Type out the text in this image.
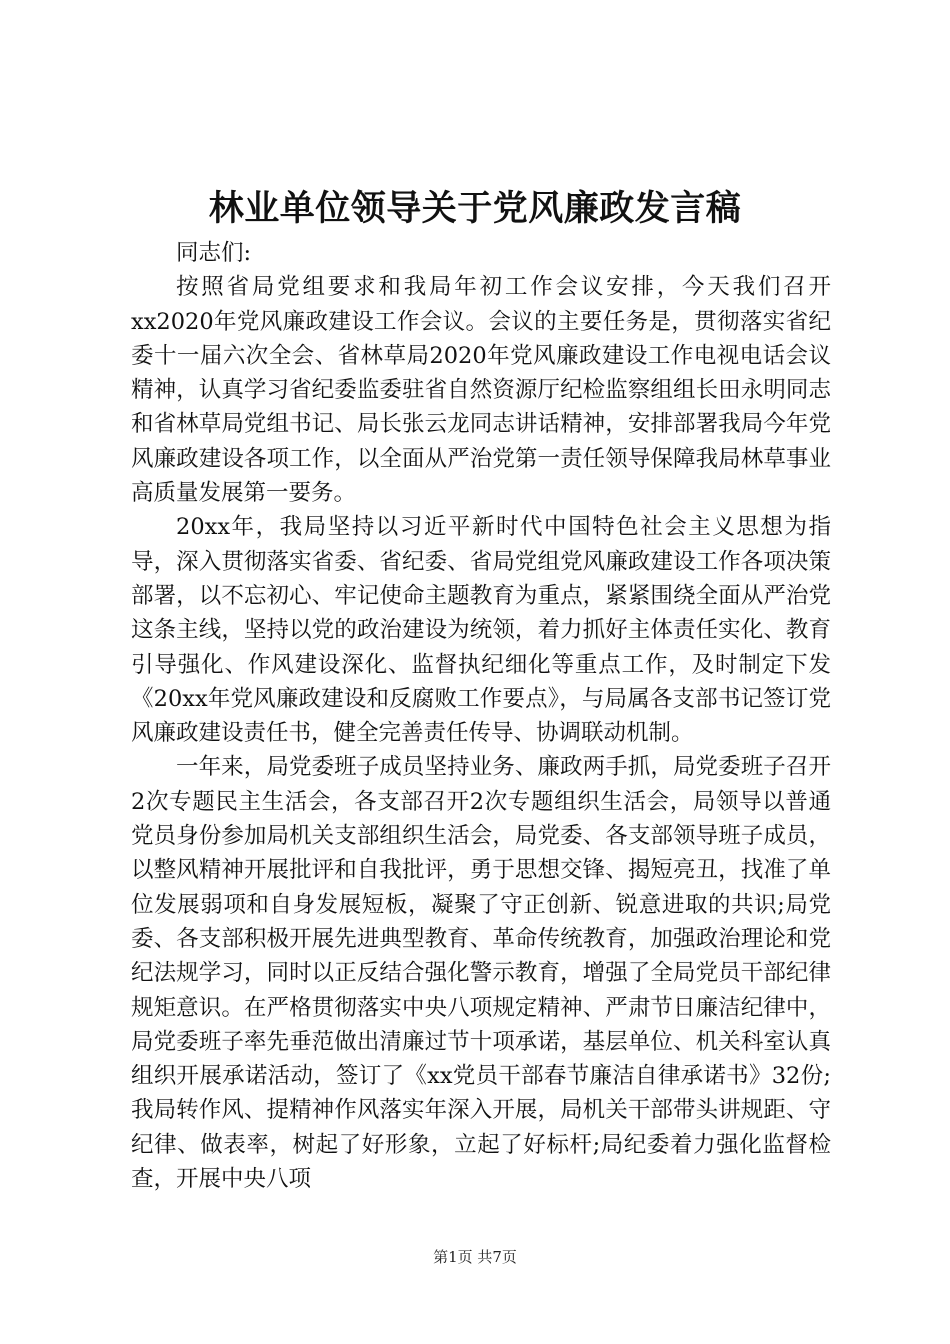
林业单位领导关于党风廉政发言稿

同志们:

按照省局党组要求和我局年初工作会议安排，今天我们召开xx2020年党风廉政建设工作会议。会议的主要任务是，贯彻落实省纪委十一届六次全会、省林草局2020年党风廉政建设工作电视电话会议精神，认真学习省纪委监委驻省自然资源厅纪检监察组组长田永明同志和省林草局党组书记、局长张云龙同志讲话精神，安排部署我局今年党风廉政建设各项工作，以全面从严治党第一责任领导保障我局林草事业高质量发展第一要务。

20xx年，我局坚持以习近平新时代中国特色社会主义思想为指导，深入贯彻落实省委、省纪委、省局党组党风廉政建设工作各项决策部署，以不忘初心、牢记使命主题教育为重点，紧紧围绕全面从严治党这条主线，坚持以党的政治建设为统领，着力抓好主体责任实化、教育引导强化、作风建设深化、监督执纪细化等重点工作，及时制定下发《20xx年党风廉政建设和反腐败工作要点》，与局属各支部书记签订党风廉政建设责任书，健全完善责任传导、协调联动机制。

一年来，局党委班子成员坚持业务、廉政两手抓，局党委班子召开2次专题民主生活会，各支部召开2次专题组织生活会，局领导以普通党员身份参加局机关支部组织生活会，局党委、各支部领导班子成员，以整风精神开展批评和自我批评，勇于思想交锋、揭短亮丑，找准了单位发展弱项和自身发展短板，凝聚了守正创新、锐意进取的共识;局党委、各支部积极开展先进典型教育、革命传统教育，加强政治理论和党纪法规学习，同时以正反结合强化警示教育，增强了全局党员干部纪律规矩意识。在严格贯彻落实中央八项规定精神、严肃节日廉洁纪律中，局党委班子率先垂范做出清廉过节十项承诺，基层单位、机关科室认真组织开展承诺活动，签订了《xx党员干部春节廉洁自律承诺书》32份;我局转作风、提精神作风落实年深入开展，局机关干部带头讲规距、守纪律、做表率，树起了好形象，立起了好标杆;局纪委着力强化监督检查，开展中央八项

第1页 共7页
